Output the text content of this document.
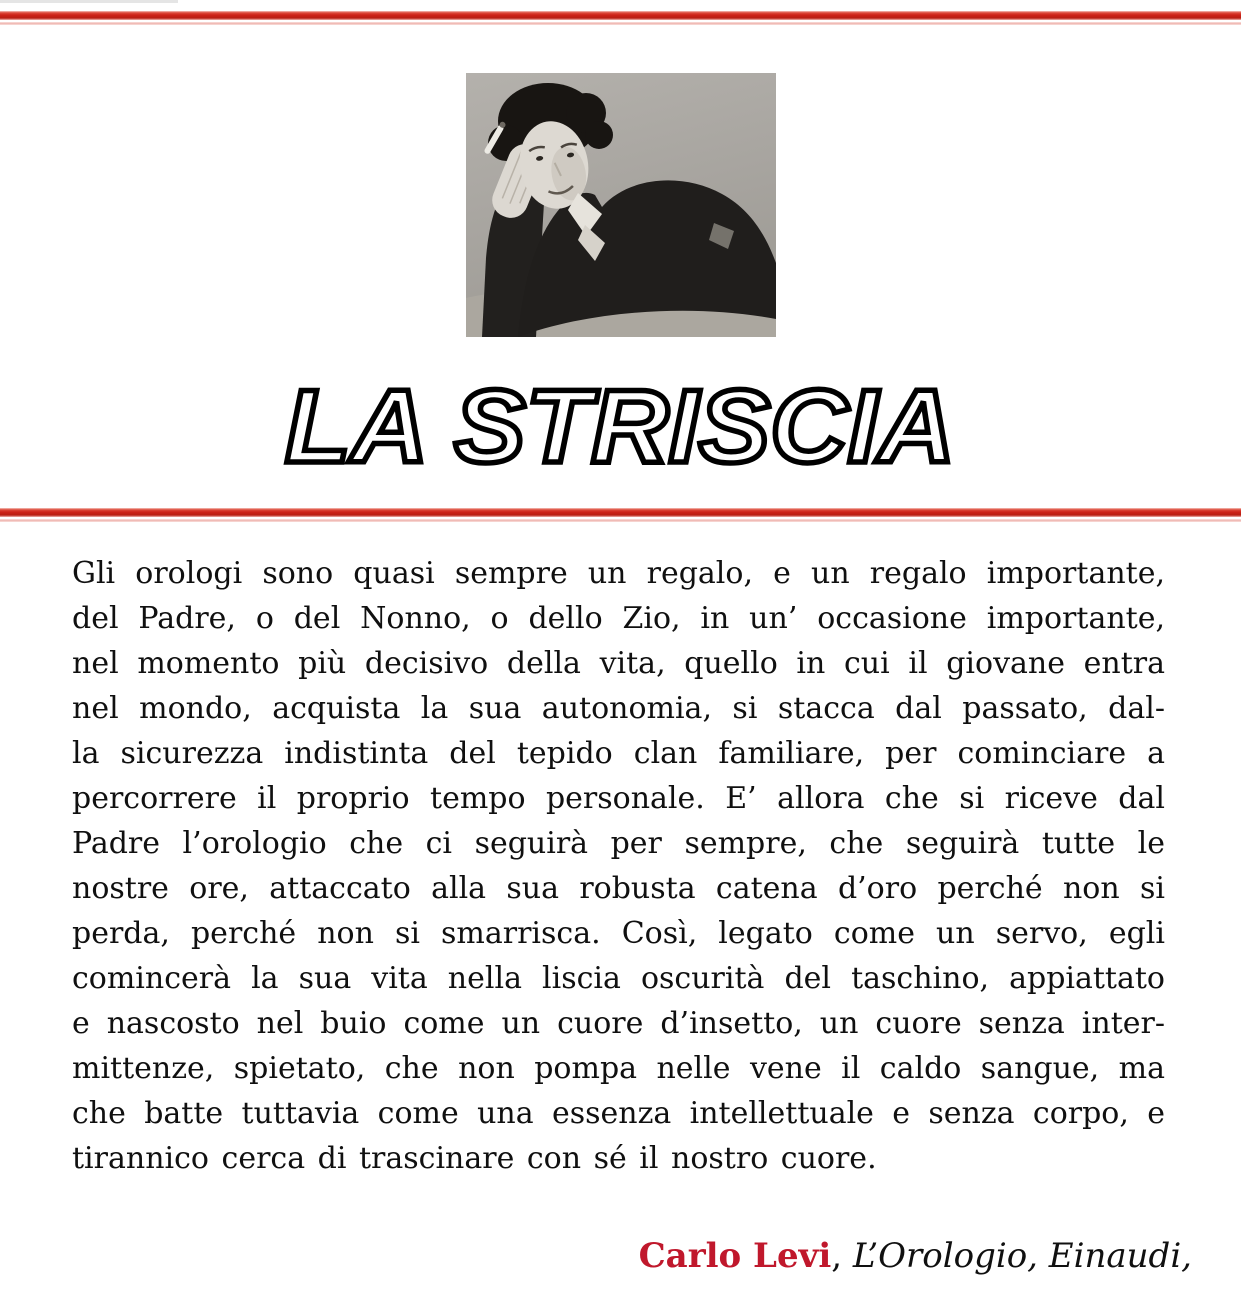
LA STRISCIA
Gli orologi sono quasi sempre un regalo, e un regalo importante,
del Padre, o del Nonno, o dello Zio, in un’ occasione importante,
nel momento più decisivo della vita, quello in cui il giovane entra
nel mondo, acquista la sua autonomia, si stacca dal passato, dal-
la sicurezza indistinta del tepido clan familiare, per cominciare a
percorrere il proprio tempo personale. E’ allora che si riceve dal
Padre l’orologio che ci seguirà per sempre, che seguirà tutte le
nostre ore, attaccato alla sua robusta catena d’oro perché non si
perda, perché non si smarrisca. Così, legato come un servo, egli
comincerà la sua vita nella liscia oscurità del taschino, appiattato
e nascosto nel buio come un cuore d’insetto, un cuore senza inter-
mittenze, spietato, che non pompa nelle vene il caldo sangue, ma
che batte tuttavia come una essenza intellettuale e senza corpo, e
tirannico cerca di trascinare con sé il nostro cuore.
Carlo Levi, L’Orologio, Einaudi,
